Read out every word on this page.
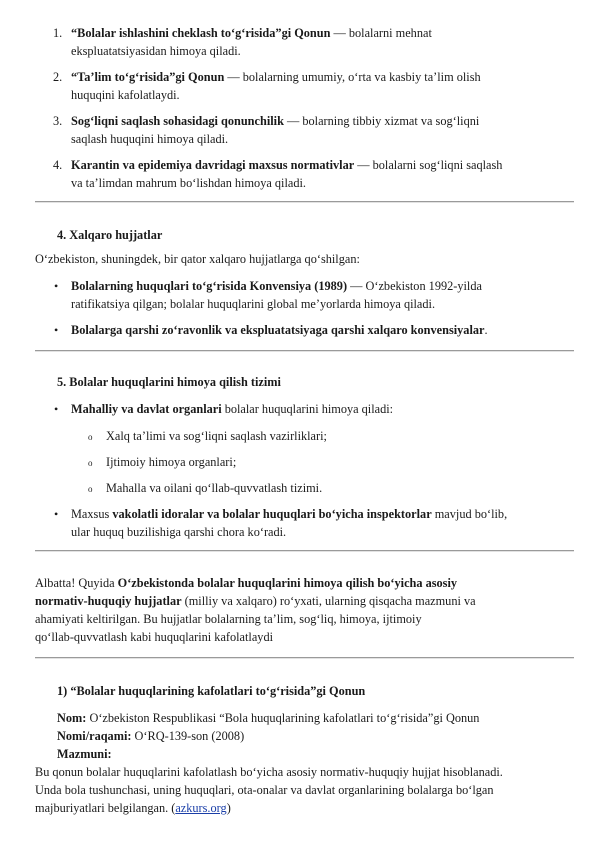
1. “Bolalar ishlashini cheklash to‘g‘risida”gi Qonun — bolalarni mehnat
ekspluatatsiyasidan himoya qiladi.
2. “Ta’lim to‘g‘risida”gi Qonun — bolalarning umumiy, o‘rta va kasbiy ta’lim olish
huquqini kafolatlaydi.
3. Sog‘liqni saqlash sohasidagi qonunchilik — bolarning tibbiy xizmat va sog‘liqni
saqlash huquqini himoya qiladi.
4. Karantin va epidemiya davridagi maxsus normativlar — bolalarni sog‘liqni saqlash
va ta’limdan mahrum bo‘lishdan himoya qiladi.
4. Xalqaro hujjatlar
O‘zbekiston, shuningdek, bir qator xalqaro hujjatlarga qo‘shilgan:
• Bolalarning huquqlari to‘g‘risida Konvensiya (1989) — O‘zbekiston 1992-yilda
ratifikatsiya qilgan; bolalar huquqlarini global me’yorlarda himoya qiladi.
• Bolalarga qarshi zo‘ravonlik va ekspluatatsiyaga qarshi xalqaro konvensiyalar.
5. Bolalar huquqlarini himoya qilish tizimi
• Mahalliy va davlat organlari bolalar huquqlarini himoya qiladi:
o Xalq ta’limi va sog‘liqni saqlash vazirliklari;
o Ijtimoiy himoya organlari;
o Mahalla va oilani qo‘llab-quvvatlash tizimi.
• Maxsus vakolatli idoralar va bolalar huquqlari bo‘yicha inspektorlar mavjud bo‘lib,
ular huquq buzilishiga qarshi chora ko‘radi.
Albatta! Quyida O‘zbekistonda bolalar huquqlarini himoya qilish bo‘yicha asosiy
normativ-huquqiy hujjatlar (milliy va xalqaro) ro‘yxati, ularning qisqacha mazmuni va
ahamiyati keltirilgan. Bu hujjatlar bolalarning ta’lim, sog‘liq, himoya, ijtimoiy
qo‘llab-quvvatlash kabi huquqlarini kafolatlaydi
1) “Bolalar huquqlarining kafolatlari to‘g‘risida”gi Qonun
Nom: O‘zbekiston Respublikasi “Bola huquqlarining kafolatlari to‘g‘risida”gi Qonun
Nomi/raqami: O‘RQ-139-son (2008)
Mazmuni:
Bu qonun bolalar huquqlarini kafolatlash bo‘yicha asosiy normativ-huquqiy hujjat hisoblanadi.
Unda bola tushunchasi, uning huquqlari, ota-onalar va davlat organlarining bolalarga bo‘lgan
majburiyatlari belgilangan. (azkurs.org)
